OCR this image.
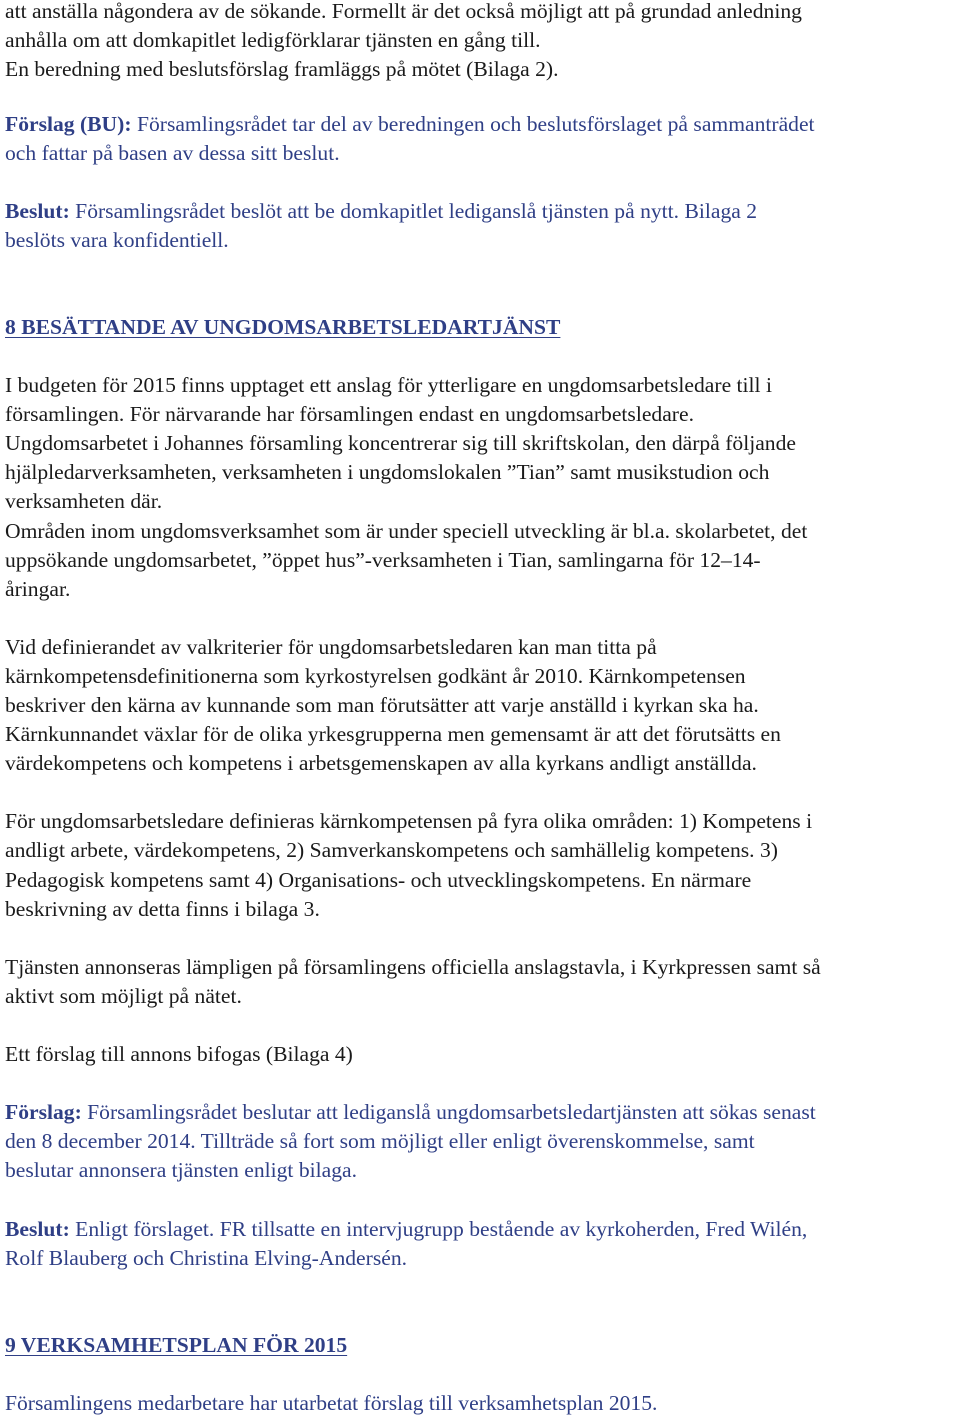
att anställa någondera av de sökande. Formellt är det också möjligt att på grundad anledning

anhålla om att domkapitlet ledigförklarar tjänsten en gång till.

En beredning med beslutsförslag framläggs på mötet (Bilaga 2).

Förslag (BU): Församlingsrådet tar del av beredningen och beslutsförslaget på sammanträdet

och fattar på basen av dessa sitt beslut.

Beslut: Församlingsrådet beslöt att be domkapitlet lediganslå tjänsten på nytt. Bilaga 2

beslöts vara konfidentiell.

8 BESÄTTANDE AV UNGDOMSARBETSLEDARTJÄNST

I budgeten för 2015 finns upptaget ett anslag för ytterligare en ungdomsarbetsledare till i

församlingen. För närvarande har församlingen endast en ungdomsarbetsledare.

Ungdomsarbetet i Johannes församling koncentrerar sig till skriftskolan, den därpå följande

hjälpledarverksamheten, verksamheten i ungdomslokalen ”Tian” samt musikstudion och

verksamheten där.

Områden inom ungdomsverksamhet som är under speciell utveckling är bl.a. skolarbetet, det

uppsökande ungdomsarbetet, ”öppet hus”-verksamheten i Tian, samlingarna för 12–14-

åringar.

Vid definierandet av valkriterier för ungdomsarbetsledaren kan man titta på

kärnkompetensdefinitionerna som kyrkostyrelsen godkänt år 2010. Kärnkompetensen

beskriver den kärna av kunnande som man förutsätter att varje anställd i kyrkan ska ha.

Kärnkunnandet växlar för de olika yrkesgrupperna men gemensamt är att det förutsätts en

värdekompetens och kompetens i arbetsgemenskapen av alla kyrkans andligt anställda.

För ungdomsarbetsledare definieras kärnkompetensen på fyra olika områden: 1) Kompetens i

andligt arbete, värdekompetens, 2) Samverkanskompetens och samhällelig kompetens. 3)

Pedagogisk kompetens samt 4) Organisations- och utvecklingskompetens. En närmare

beskrivning av detta finns i bilaga 3.

Tjänsten annonseras lämpligen på församlingens officiella anslagstavla, i Kyrkpressen samt så

aktivt som möjligt på nätet.

Ett förslag till annons bifogas (Bilaga 4)

Förslag: Församlingsrådet beslutar att lediganslå ungdomsarbetsledartjänsten att sökas senast

den 8 december 2014. Tillträde så fort som möjligt eller enligt överenskommelse, samt

beslutar annonsera tjänsten enligt bilaga.

Beslut: Enligt förslaget. FR tillsatte en intervjugrupp bestående av kyrkoherden, Fred Wilén,

Rolf Blauberg och Christina Elving-Andersén.

9 VERKSAMHETSPLAN FÖR 2015

Församlingens medarbetare har utarbetat förslag till verksamhetsplan 2015.
